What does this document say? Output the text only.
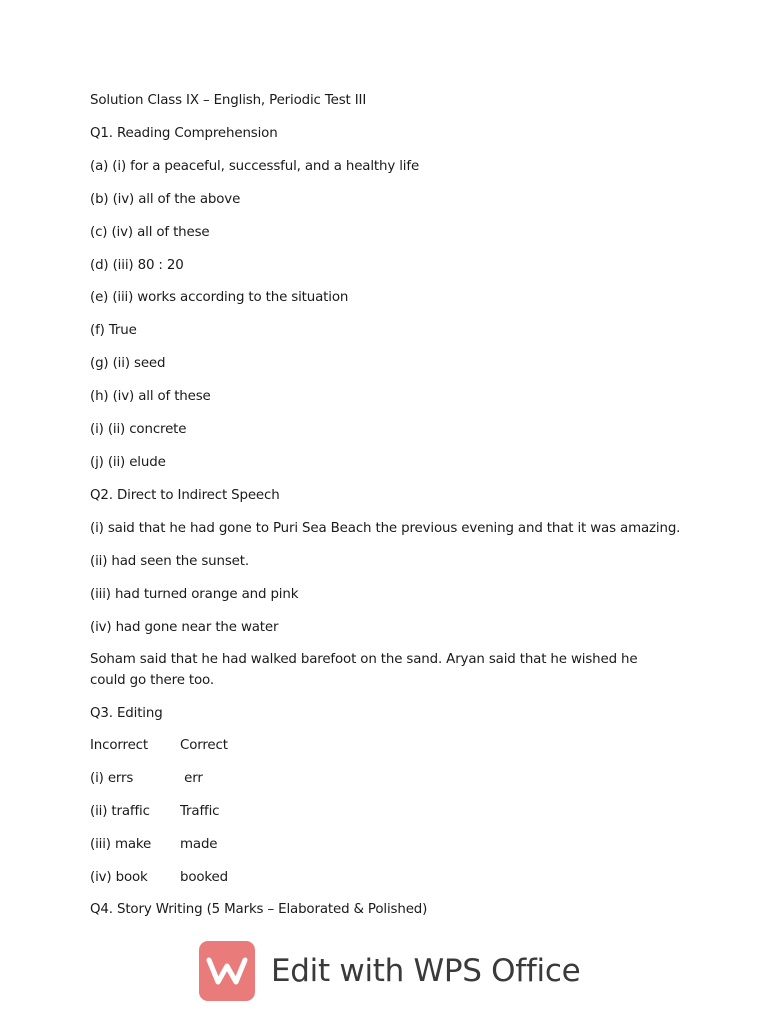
Solution Class IX – English, Periodic Test III
Q1. Reading Comprehension
(a) (i) for a peaceful, successful, and a healthy life
(b) (iv) all of the above
(c) (iv) all of these
(d) (iii) 80 : 20
(e) (iii) works according to the situation
(f) True
(g) (ii) seed
(h) (iv) all of these
(i) (ii) concrete
(j) (ii) elude
Q2. Direct to Indirect Speech
(i) said that he had gone to Puri Sea Beach the previous evening and that it was amazing.
(ii) had seen the sunset.
(iii) had turned orange and pink
(iv) had gone near the water
Soham said that he had walked barefoot on the sand. Aryan said that he wished he could go there too.
Q3. Editing
Incorrect Correct
(i) errs	err
(ii) traffic Traffic
(iii) make made
(iv) book booked
Q4. Story Writing (5 Marks – Elaborated & Polished)
Edit with WPS Office
